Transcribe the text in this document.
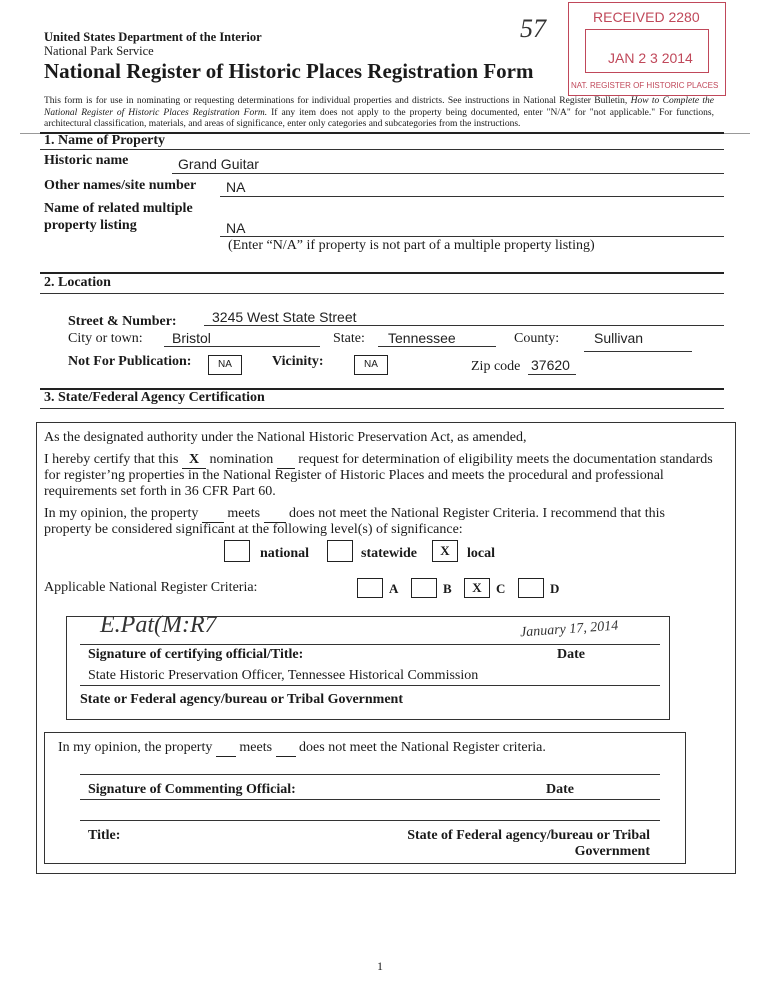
United States Department of the Interior
National Park Service
National Register of Historic Places Registration Form
57	RECEIVED 2280
JAN 2 3 2014
NAT. REGISTER OF HISTORIC PLACES
This form is for use in nominating or requesting determinations for individual properties and districts. See instructions in National Register Bulletin, How to Complete the National Register of Historic Places Registration Form. If any item does not apply to the property being documented, enter "N/A" for "not applicable." For functions, architectural classification, materials, and areas of significance, enter only categories and subcategories from the instructions.
1. Name of Property
Historic name	Grand Guitar
Other names/site number NA
Name of related multiple
property listing	NA
(Enter “N/A” if property is not part of a multiple property listing)
2. Location
Street & Number:	3245 West State Street
City or town: Bristol	State: Tennessee	County: Sullivan
Not For Publication:	NA	Vicinity:	NA	Zip code 37620
3. State/Federal Agency Certification
As the designated authority under the National Historic Preservation Act, as amended,
I hereby certify that this X nomination request for determination of eligibility meets the documentation standards
for register’ng properties in the National Register of Historic Places and meets the procedural and professional
requirements set forth in 36 CFR Part 60.
In my opinion, the property meets does not meet the National Register Criteria. I recommend that this
property be considered significant at the following level(s) of significance:
national	statewide	X	local
Applicable National Register Criteria:	A	B	X	C	D
E.Pat(M:R7	January 17, 2014
Signature of certifying official/Title:	Date
State Historic Preservation Officer, Tennessee Historical Commission
State or Federal agency/bureau or Tribal Government
In my opinion, the property meets does not meet the National Register criteria.
Signature of Commenting Official:	Date
Title:	State of Federal agency/bureau or Tribal
Government
1
